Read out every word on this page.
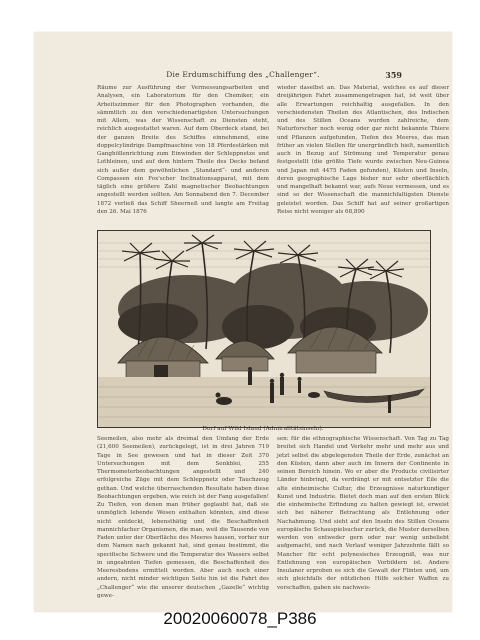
Die Erdumschiffung des „Challenger“.	359

Räume zur Ausführung der Vermessungsarbeiten und Analysen, ein Laboratorium für den Chemiker, ein Arbeitszimmer für den Photographen vorhanden, die sämmtlich zu den verschiedenartigsten Untersuchungen mit Allem, was der Wissenschaft zu Diensten steht, reichlich ausgestattet waren. Auf dem Oberdeck stand, bei der ganzen Breite des Schiffes einnehmend, eine doppelcylindrige Dampfmaschine von 18 Pferdestärken mit Ganghöllenrichtung zum Einwinden der Schleppnetze und Lothleinen, und auf dem hintern Theile des Decks befand sich außer dem gewöhnlichen „Standard“- und anderen Compassen ein Fox'scher Inclinationsapparat, mit dem täglich eine größere Zahl magnetischer Beobachtungen angestellt werden sollten. Am Sonnabend den 7. December 1872 verließ das Schiff Sheerneß und langte am Freitag den 26. Mai 1876

wieder daselbst an. Das Material, welches es auf dieser dreijährigen Fahrt zusammengetragen hat, ist weit über alle Erwartungen reichhaltig ausgefallen. In den verschiedensten Theilen des Atlantischen, des Indischen und des Stillen Oceans wurden zahlreiche, dem Naturforscher noch wenig oder gar nicht bekannte Thiere und Pflanzen aufgefunden, Tiefen des Meeres, das man früher an vielen Stellen für unergründlich hielt, namentlich auch in Bezug auf Strömung und Temperatur genau festgestellt (die größte Tiefe wurde zwischen Neu-Guinea und Japan mit 4475 Faden gefunden), Küsten und Inseln, deren geographische Lage bisher nur sehr oberflächlich und mangelhaft bekannt war, aufs Neue vermessen, und es sind so der Wissenschaft die mannichfaltigsten Dienste geleistet worden. Das Schiff hat auf seiner großartigen Reise nicht weniger als 68,890

Dorf auf Wild Island (Admiralitätsinseln).

Seemeilen, also mehr als dreimal den Umfang der Erde (21,600 Seemeilen), zurückgelegt, ist in drei Jahren 719 Tage in See gewesen und hat in dieser Zeit 370 Untersuchungen mit dem Senkblei, 255 Thermometerbeobachtungen angestellt und 240 erfolgreiche Züge mit dem Schleppnetz oder Tauchzeug gethan. Und welche überraschenden Resultate haben diese Beobachtungen ergeben, wie reich ist der Fang ausgefallen! Zu Tiefen, von denen man früher geglaubt hat, daß sie unmöglich lebende Wesen enthalten könnten, sind diese nicht entdeckt, lebensthätig und die Beschaffenheit mannichfacher Organismen, die man, weil die Tausende von Faden unter der Oberfläche des Meeres hausen, vorher nur dem Namen nach gekannt hat, sind genau bestimmt, die specifische Schwere und die Temperatur des Wassers selbst in ungeahnten Tiefen gemessen, die Beschaffenheit des Meeresbodens ermittelt worden. Aber auch noch einer andern, nicht minder wichtigen Seite hin ist die Fahrt des „Challenger“ wie die unserer deutschen „Gazelle“ wichtig gewe-

sen: für die ethnographische Wissenschaft. Von Tag zu Tag breitet sich Handel und Verkehr mehr und mehr aus und jetzt selbst die abgelegensten Theile der Erde, zunächst an den Küsten, dann aber auch im Innern der Continente in seinen Bereich hinein. Wo er aber die Producte civilisirter Länder hinbringt, da verdrängt er mit entsetzter Eile die alte einheimische Cultur, die Erzeugnisse naturkundiger Kunst und Industrie. Bietet doch man auf den ersten Blick die einheimische Erfindung zu halten gewiegt ist, erweist sich bei näherer Betrachtung als Entlehnung oder Nachahmung. Und sieht auf den Inseln des Stillen Oceans europäische Schauspielsucher zurück, die Muster derselben werden von entweder gern oder nur wenig unbeliebt aufgemacht, und nach Verlauf weniger Jahrzehnte fällt so Mancher für echt polynesisches Erzeugniß, was nur Entlehnung von europäischen Vorbildern ist. Andere Insulaner erproben es sich die Gewalt der Flinten und, um sich gleichfalls der nützlichen Hilfe solcher Waffen zu verschaffen, gaben sie nachweis-

20020060078_P386
